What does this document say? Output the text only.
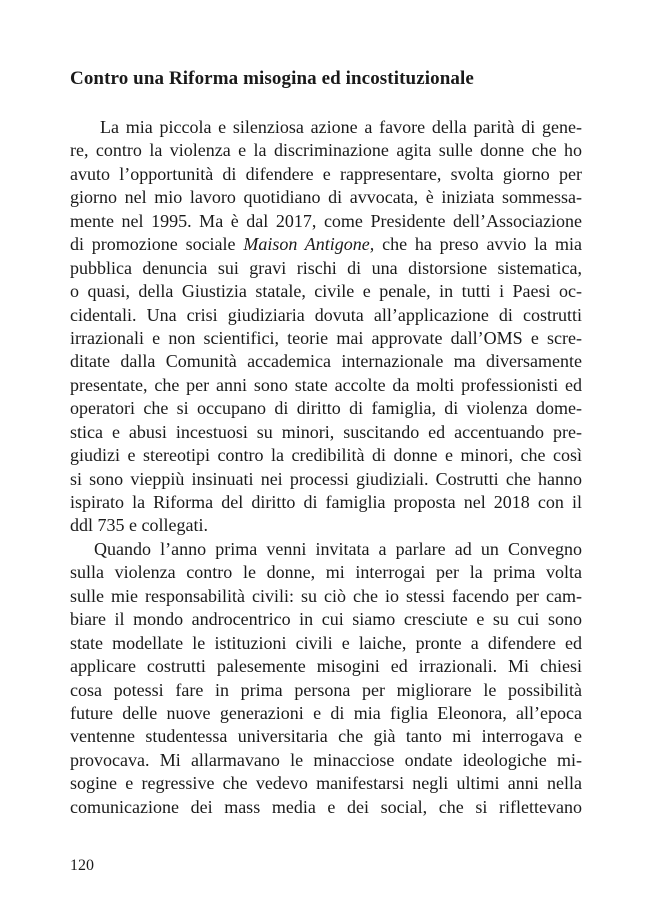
Contro una Riforma misogina ed incostituzionale
La mia piccola e silenziosa azione a favore della parità di gene-
re, contro la violenza e la discriminazione agita sulle donne che ho
avuto l’opportunità di difendere e rappresentare, svolta giorno per
giorno nel mio lavoro quotidiano di avvocata, è iniziata sommessa-
mente nel 1995. Ma è dal 2017, come Presidente dell’Associazione
di promozione sociale Maison Antigone, che ha preso avvio la mia
pubblica denuncia sui gravi rischi di una distorsione sistematica,
o quasi, della Giustizia statale, civile e penale, in tutti i Paesi oc-
cidentali. Una crisi giudiziaria dovuta all’applicazione di costrutti
irrazionali e non scientifici, teorie mai approvate dall’OMS e scre-
ditate dalla Comunità accademica internazionale ma diversamente
presentate, che per anni sono state accolte da molti professionisti ed
operatori che si occupano di diritto di famiglia, di violenza dome-
stica e abusi incestuosi su minori, suscitando ed accentuando pre-
giudizi e stereotipi contro la credibilità di donne e minori, che così
si sono vieppiù insinuati nei processi giudiziali. Costrutti che hanno
ispirato la Riforma del diritto di famiglia proposta nel 2018 con il
ddl 735 e collegati.
Quando l’anno prima venni invitata a parlare ad un Convegno
sulla violenza contro le donne, mi interrogai per la prima volta
sulle mie responsabilità civili: su ciò che io stessi facendo per cam-
biare il mondo androcentrico in cui siamo cresciute e su cui sono
state modellate le istituzioni civili e laiche, pronte a difendere ed
applicare costrutti palesemente misogini ed irrazionali. Mi chiesi
cosa potessi fare in prima persona per migliorare le possibilità
future delle nuove generazioni e di mia figlia Eleonora, all’epoca
ventenne studentessa universitaria che già tanto mi interrogava e
provocava. Mi allarmavano le minacciose ondate ideologiche mi-
sogine e regressive che vedevo manifestarsi negli ultimi anni nella
comunicazione dei mass media e dei social, che si riflettevano
120
